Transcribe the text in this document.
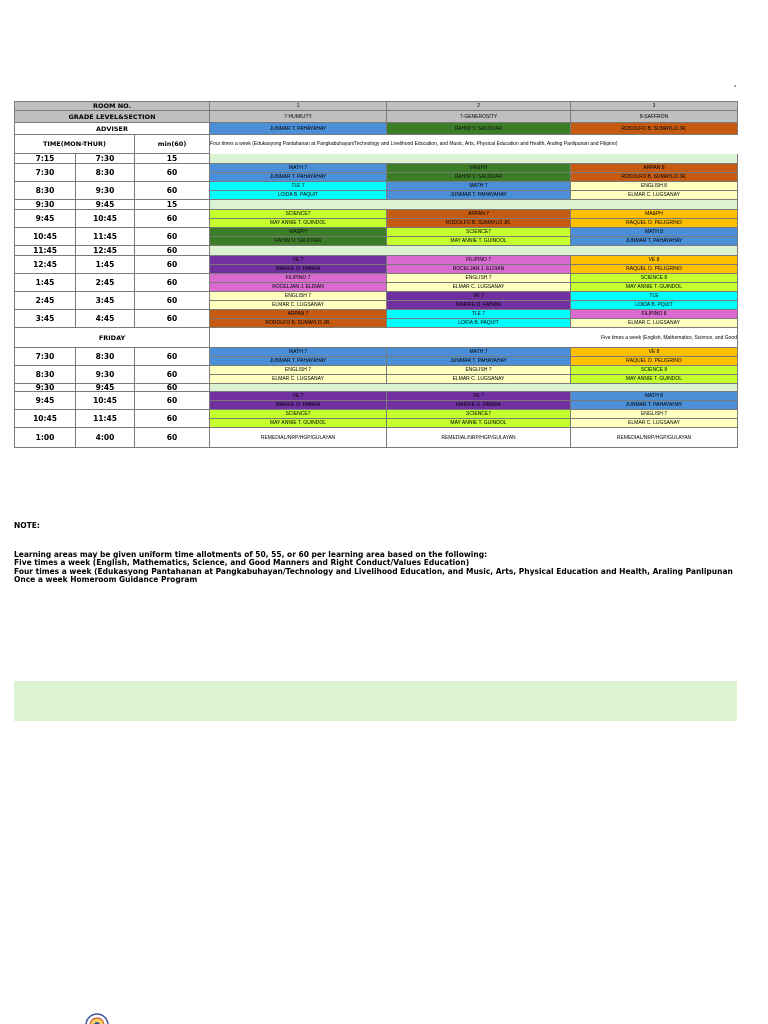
'
ROOM NO.			1	2	3
GRADE LEVEL&SECTION			7-HUMILITY	7-GENEROSITY	8-SAFFRON
ADVISER			JUNMAR T. PAHAYAHAY	RAHIM V. SALDIVAR	RODOLFO B. SUMAYLO JR.
TIME(MON-THUR)		min(60)	Four times a week (Edukasyong Pantahanan at Pangkabuhayan/Technology and Livelihood Education, and Music, Arts, Physical Education and Health, Araling Panlipunan and Filipino)		
7:15	7:30	15			
7:30	8:30	60	MATH 7	MA&PH	ARPAN 8
			JUNMAR T. PAHAYAHAY	RAHIM V. SALDIVAR	RODOLFO B. SUMAYLO JR.
8:30	9:30	60	TLE 7	MATH 7	ENGLISH 8
			LOIDA B. PAQUIT	JUNMAR T. PAHAYAHAY	ELMAR C. LUGSANAY
9:30	9:45	15			
9:45	10:45	60	SCIENCE7	ARPAN 7	MA&PH
			MAY ANNIE T. GUINDOL	RODOLFO B. SUMAYLO JR.	RAQUEL O. PELIGRINO
10:45	11:45	60	MA&PH	SCIENCE7	MATH 8
			RAHIM V. SALDIVAR	MAY ANNIE T. GUINDOL	JUNMAR T. PAHAYAHAY
11:45	12:45	60			
12:45	1:45	60	VE 7	FILIPINO 7	VE 8
			MARIFE O. FABRIA	ROCELJAN J. ELDIAN	RAQUEL O. PELIGRINO
1:45	2:45	60	FILIPINO 7	ENGLISH 7	SCIENCE 8
			ROCELJAN J. ELDIAN	ELMAR C. LUGSANAY	MAY ANNIE T. GUINDOL
2:45	3:45	60	ENGLISH 7	VE 7	TLE
			ELMAR C. LUGSANAY	MARIFE O. FABRIA	LOIDA B. PQUIT
3:45	4:45	60	ARPAN 7	TLE 7	FILIPINO 8
			RODOLFO B. SUMAYLO JR.	LOIDA B. PAQUIT	ELMAR C. LUGSANAY
FRIDAY			Five times a week (English, Mathematics, Science, and Good		
7:30	8:30	60	MATH 7	MATH 7	VE 8
			JUNMAR T. PAHAYAHAY	JUNMAR T. PAHAYAHAY	RAQUEL O. PELIGRINO
8:30	9:30	60	ENGLISH 7	ENGLISH 7	SCIENCE 8
			ELMAR C. LUGSANAY	ELMAR C. LUGSANAY	MAY ANNIE T. GUINDOL
9:30	9:45	60			
9:45	10:45	60	VE 7	VE 7	MATH 8
			MARIFE O. FABRIA	MARIFE O. FABRIA	JUNMAR T. PAHAYAHAY
10:45	11:45	60	SCIENCE7	SCIENCE7	ENGLISH 7
			MAY ANNIE T. GUINDOL	MAY ANNIE T. GUINDOL	ELMAR C. LUGSANAY
1:00	4:00	60	REMEDIAL/NRP/HGP/GULAYAN	REMEDIAL/NRP/HGP/GULAYAN	REMEDIAL/NRP/HGP/GULAYAN
NOTE:
Learning areas may be given uniform time allotments of 50, 55, or 60 per learning area based on the following:
Five times a week (English, Mathematics, Science, and Good Manners and Right Conduct/Values Education)
Four times a week (Edukasyong Pantahanan at Pangkabuhayan/Technology and Livelihood Education, and Music, Arts, Physical Education and Health, Araling Panlipunan
Once a week Homeroom Guidance Program
